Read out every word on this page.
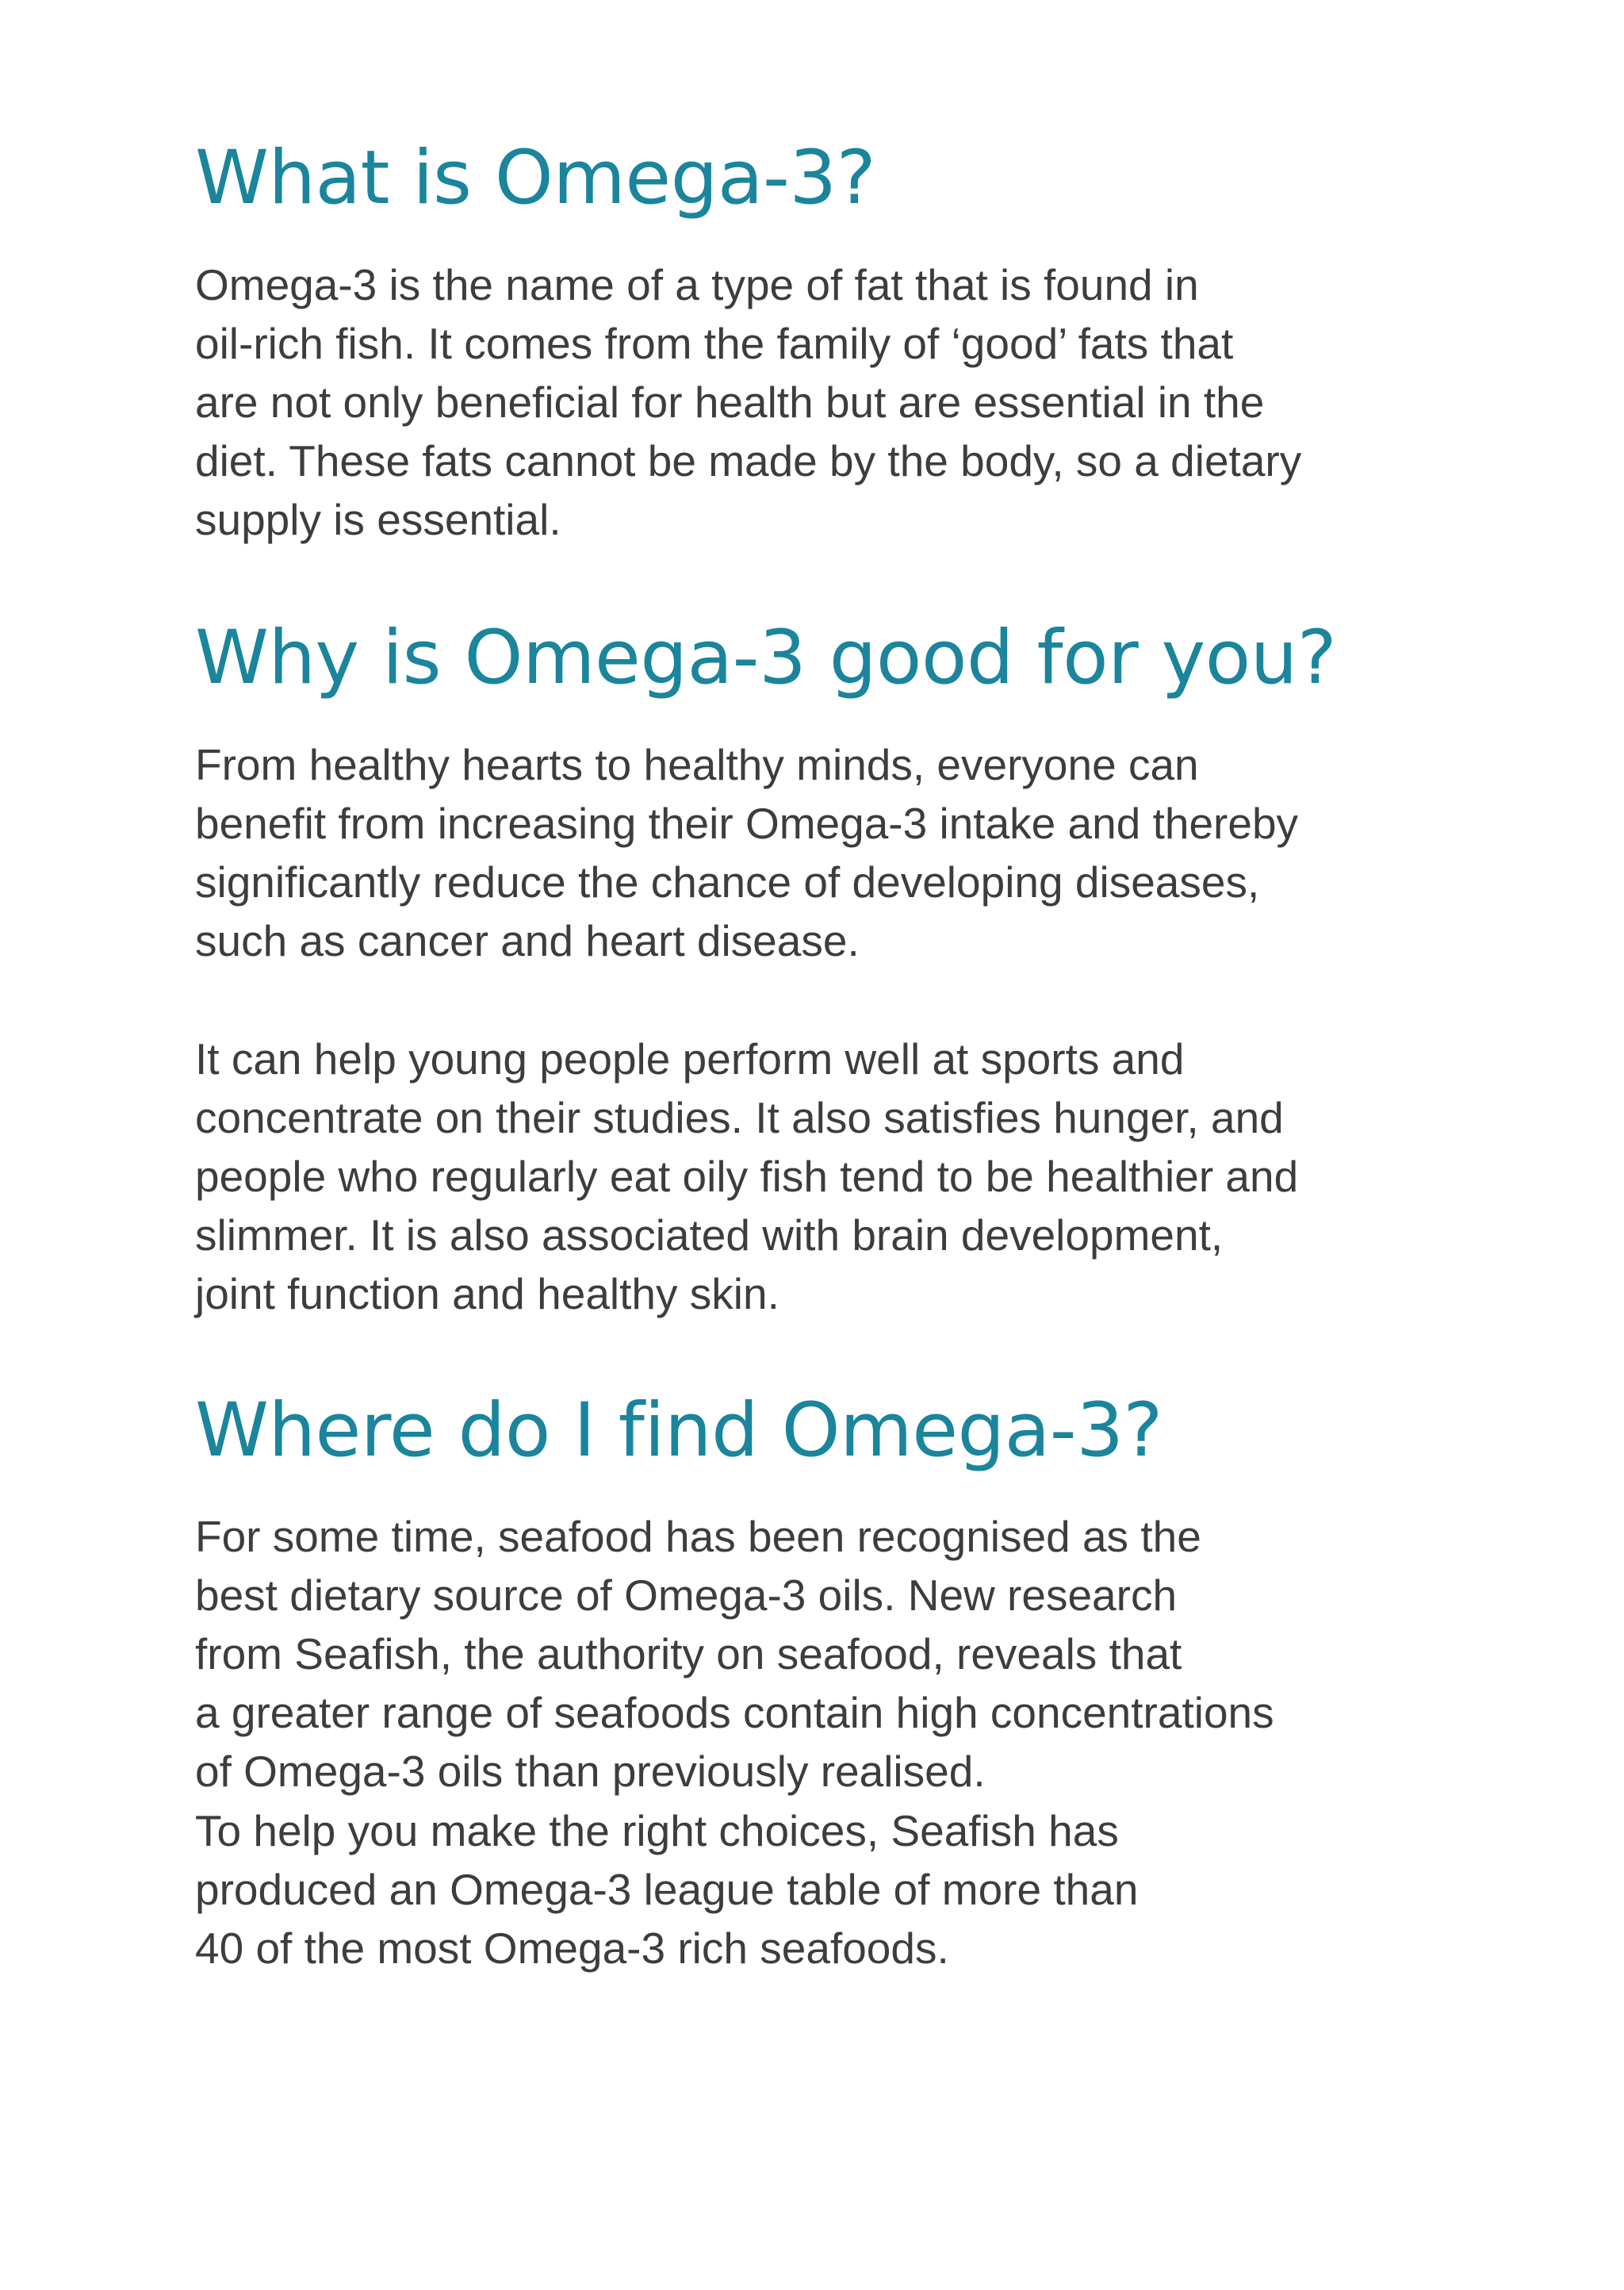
What is Omega-3?

Omega-3 is the name of a type of fat that is found in
oil-rich fish. It comes from the family of ‘good’ fats that
are not only beneficial for health but are essential in the
diet. These fats cannot be made by the body, so a dietary
supply is essential.

Why is Omega-3 good for you?

From healthy hearts to healthy minds, everyone can
benefit from increasing their Omega-3 intake and thereby
significantly reduce the chance of developing diseases,
such as cancer and heart disease.

It can help young people perform well at sports and
concentrate on their studies. It also satisfies hunger, and
people who regularly eat oily fish tend to be healthier and
slimmer. It is also associated with brain development,
joint function and healthy skin.

Where do I find Omega-3?

For some time, seafood has been recognised as the
best dietary source of Omega-3 oils. New research
from Seafish, the authority on seafood, reveals that
a greater range of seafoods contain high concentrations
of Omega-3 oils than previously realised.

To help you make the right choices, Seafish has
produced an Omega-3 league table of more than
40 of the most Omega-3 rich seafoods.
